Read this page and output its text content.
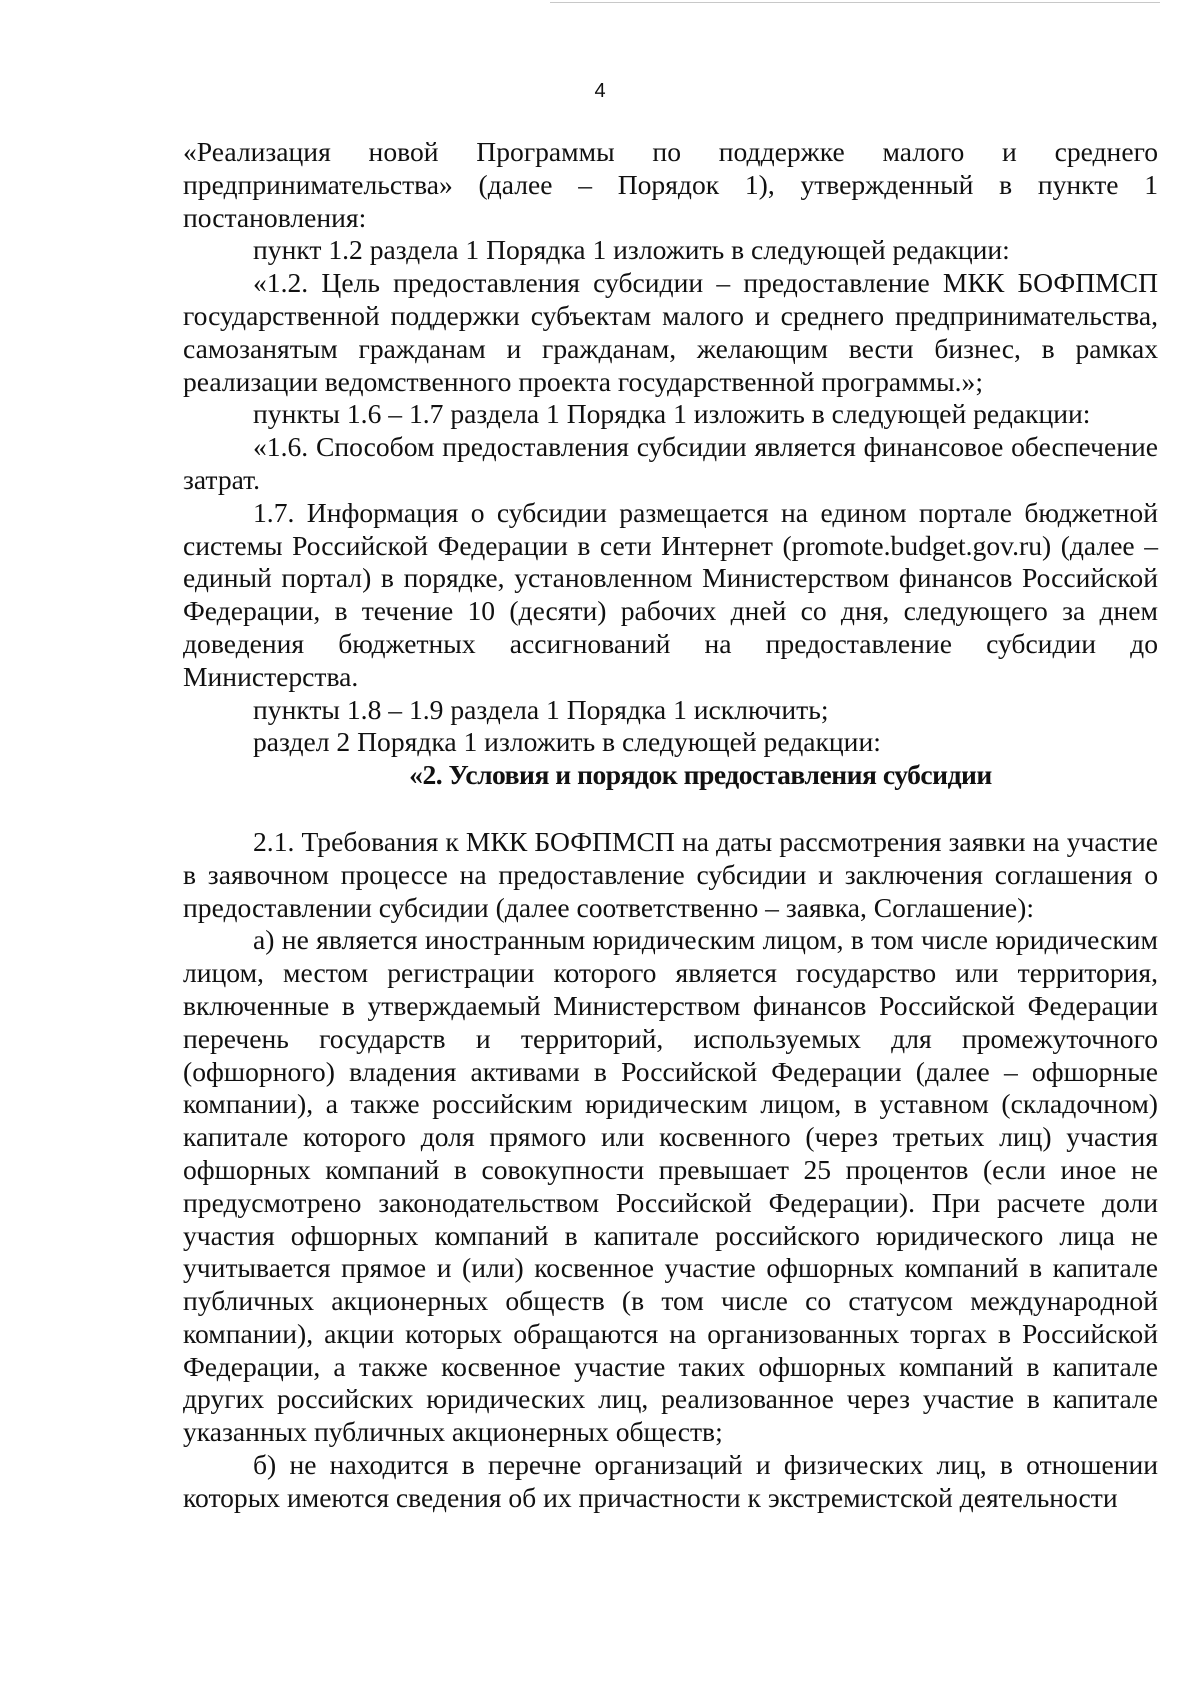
4

«Реализация новой Программы по поддержке малого и среднего предпринимательства» (далее – Порядок 1), утвержденный в пункте 1 постановления:

пункт 1.2 раздела 1 Порядка 1 изложить в следующей редакции:

«1.2. Цель предоставления субсидии – предоставление МКК БОФПМСП государственной поддержки субъектам малого и среднего предпринимательства, самозанятым гражданам и гражданам, желающим вести бизнес, в рамках реализации ведомственного проекта государственной программы.»;

пункты 1.6 – 1.7 раздела 1 Порядка 1 изложить в следующей редакции:

«1.6. Способом предоставления субсидии является финансовое обеспечение затрат.

1.7. Информация о субсидии размещается на едином портале бюджетной системы Российской Федерации в сети Интернет (promote.budget.gov.ru) (далее – единый портал) в порядке, установленном Министерством финансов Российской Федерации, в течение 10 (десяти) рабочих дней со дня, следующего за днем доведения бюджетных ассигнований на предоставление субсидии до Министерства.

пункты 1.8 – 1.9 раздела 1 Порядка 1 исключить;

раздел 2 Порядка 1 изложить в следующей редакции:

«2. Условия и порядок предоставления субсидии

2.1. Требования к МКК БОФПМСП на даты рассмотрения заявки на участие в заявочном процессе на предоставление субсидии и заключения соглашения о предоставлении субсидии (далее соответственно – заявка, Соглашение):

а) не является иностранным юридическим лицом, в том числе юридическим лицом, местом регистрации которого является государство или территория, включенные в утверждаемый Министерством финансов Российской Федерации перечень государств и территорий, используемых для промежуточного (офшорного) владения активами в Российской Федерации (далее – офшорные компании), а также российским юридическим лицом, в уставном (складочном) капитале которого доля прямого или косвенного (через третьих лиц) участия офшорных компаний в совокупности превышает 25 процентов (если иное не предусмотрено законодательством Российской Федерации). При расчете доли участия офшорных компаний в капитале российского юридического лица не учитывается прямое и (или) косвенное участие офшорных компаний в капитале публичных акционерных обществ (в том числе со статусом международной компании), акции которых обращаются на организованных торгах в Российской Федерации, а также косвенное участие таких офшорных компаний в капитале других российских юридических лиц, реализованное через участие в капитале указанных публичных акционерных обществ;

б) не находится в перечне организаций и физических лиц, в отношении которых имеются сведения об их причастности к экстремистской деятельности
